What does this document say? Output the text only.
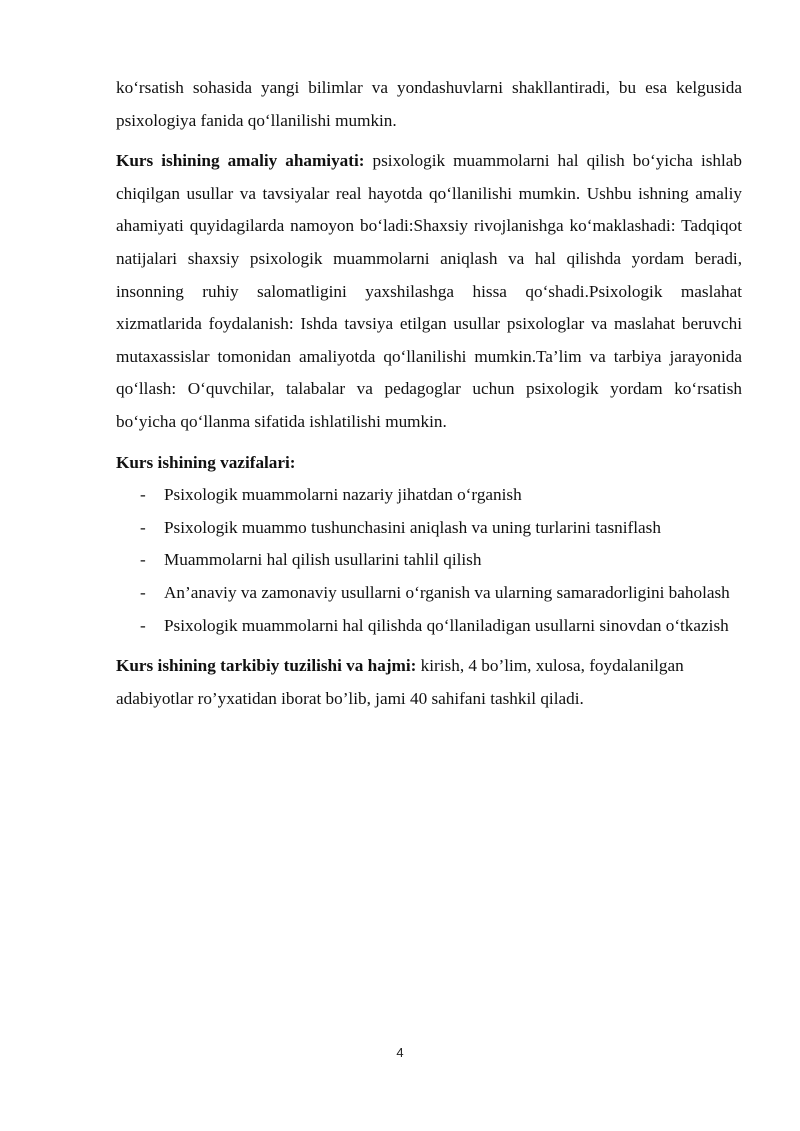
ko‘rsatish sohasida yangi bilimlar va yondashuvlarni shakllantiradi, bu esa kelgusida psixologiya fanida qo‘llanilishi mumkin.

Kurs ishining amaliy ahamiyati: psixologik muammolarni hal qilish bo‘yicha ishlab chiqilgan usullar va tavsiyalar real hayotda qo‘llanilishi mumkin. Ushbu ishning amaliy ahamiyati quyidagilarda namoyon bo‘ladi:Shaxsiy rivojlanishga ko‘maklashadi: Tadqiqot natijalari shaxsiy psixologik muammolarni aniqlash va hal qilishda yordam beradi, insonning ruhiy salomatligini yaxshilashga hissa qo‘shadi.Psixologik maslahat xizmatlarida foydalanish: Ishda tavsiya etilgan usullar psixologlar va maslahat beruvchi mutaxassislar tomonidan amaliyotda qo‘llanilishi mumkin.Ta’lim va tarbiya jarayonida qo‘llash: O‘quvchilar, talabalar va pedagoglar uchun psixologik yordam ko‘rsatish bo‘yicha qo‘llanma sifatida ishlatilishi mumkin.

Kurs ishining vazifalari:
- Psixologik muammolarni nazariy jihatdan o‘rganish
- Psixologik muammo tushunchasini aniqlash va uning turlarini tasniflash
- Muammolarni hal qilish usullarini tahlil qilish
- An’anaviy va zamonaviy usullarni o‘rganish va ularning samaradorligini baholash
- Psixologik muammolarni hal qilishda qo‘llaniladigan usullarni sinovdan o‘tkazish

Kurs ishining tarkibiy tuzilishi va hajmi: kirish, 4 bo’lim, xulosa, foydalanilgan adabiyotlar ro’yxatidan iborat bo’lib, jami 40 sahifani tashkil qiladi.

4
